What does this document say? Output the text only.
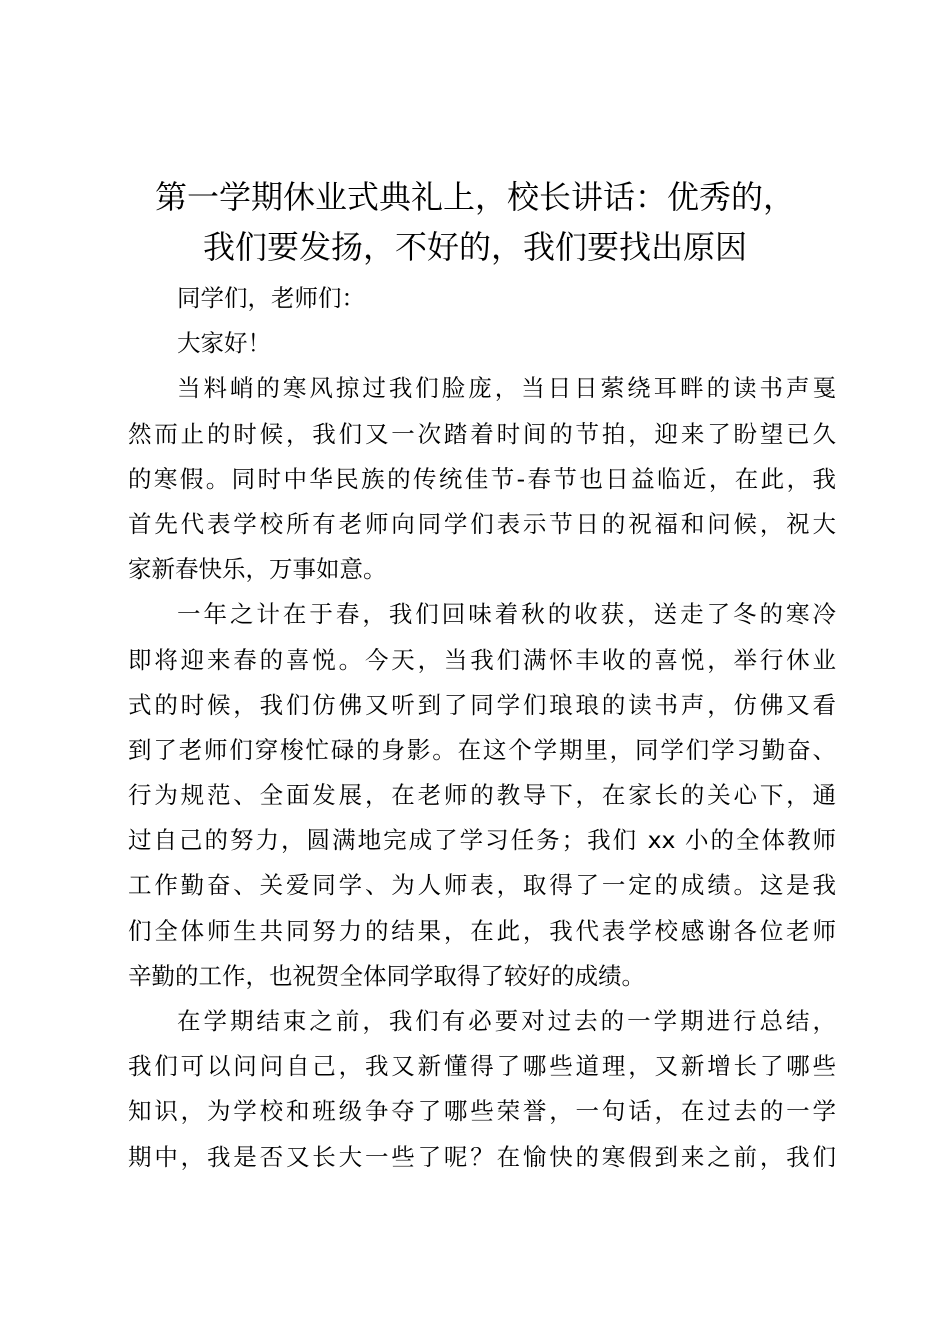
第一学期休业式典礼上，校长讲话：优秀的，
我们要发扬，不好的，我们要找出原因
同学们，老师们：
大家好！
当料峭的寒风掠过我们脸庞，当日日萦绕耳畔的读书声戛
然而止的时候，我们又一次踏着时间的节拍，迎来了盼望已久
的寒假。同时中华民族的传统佳节-春节也日益临近，在此，我
首先代表学校所有老师向同学们表示节日的祝福和问候，祝大
家新春快乐，万事如意。
一年之计在于春，我们回味着秋的收获，送走了冬的寒冷
即将迎来春的喜悦。今天，当我们满怀丰收的喜悦，举行休业
式的时候，我们仿佛又听到了同学们琅琅的读书声，仿佛又看
到了老师们穿梭忙碌的身影。在这个学期里，同学们学习勤奋、
行为规范、全面发展，在老师的教导下，在家长的关心下，通
过自己的努力，圆满地完成了学习任务；我们 xx 小的全体教师
工作勤奋、关爱同学、为人师表，取得了一定的成绩。这是我
们全体师生共同努力的结果，在此，我代表学校感谢各位老师
辛勤的工作，也祝贺全体同学取得了较好的成绩。
在学期结束之前，我们有必要对过去的一学期进行总结，
我们可以问问自己，我又新懂得了哪些道理，又新增长了哪些
知识，为学校和班级争夺了哪些荣誉，一句话，在过去的一学
期中，我是否又长大一些了呢？在愉快的寒假到来之前，我们
